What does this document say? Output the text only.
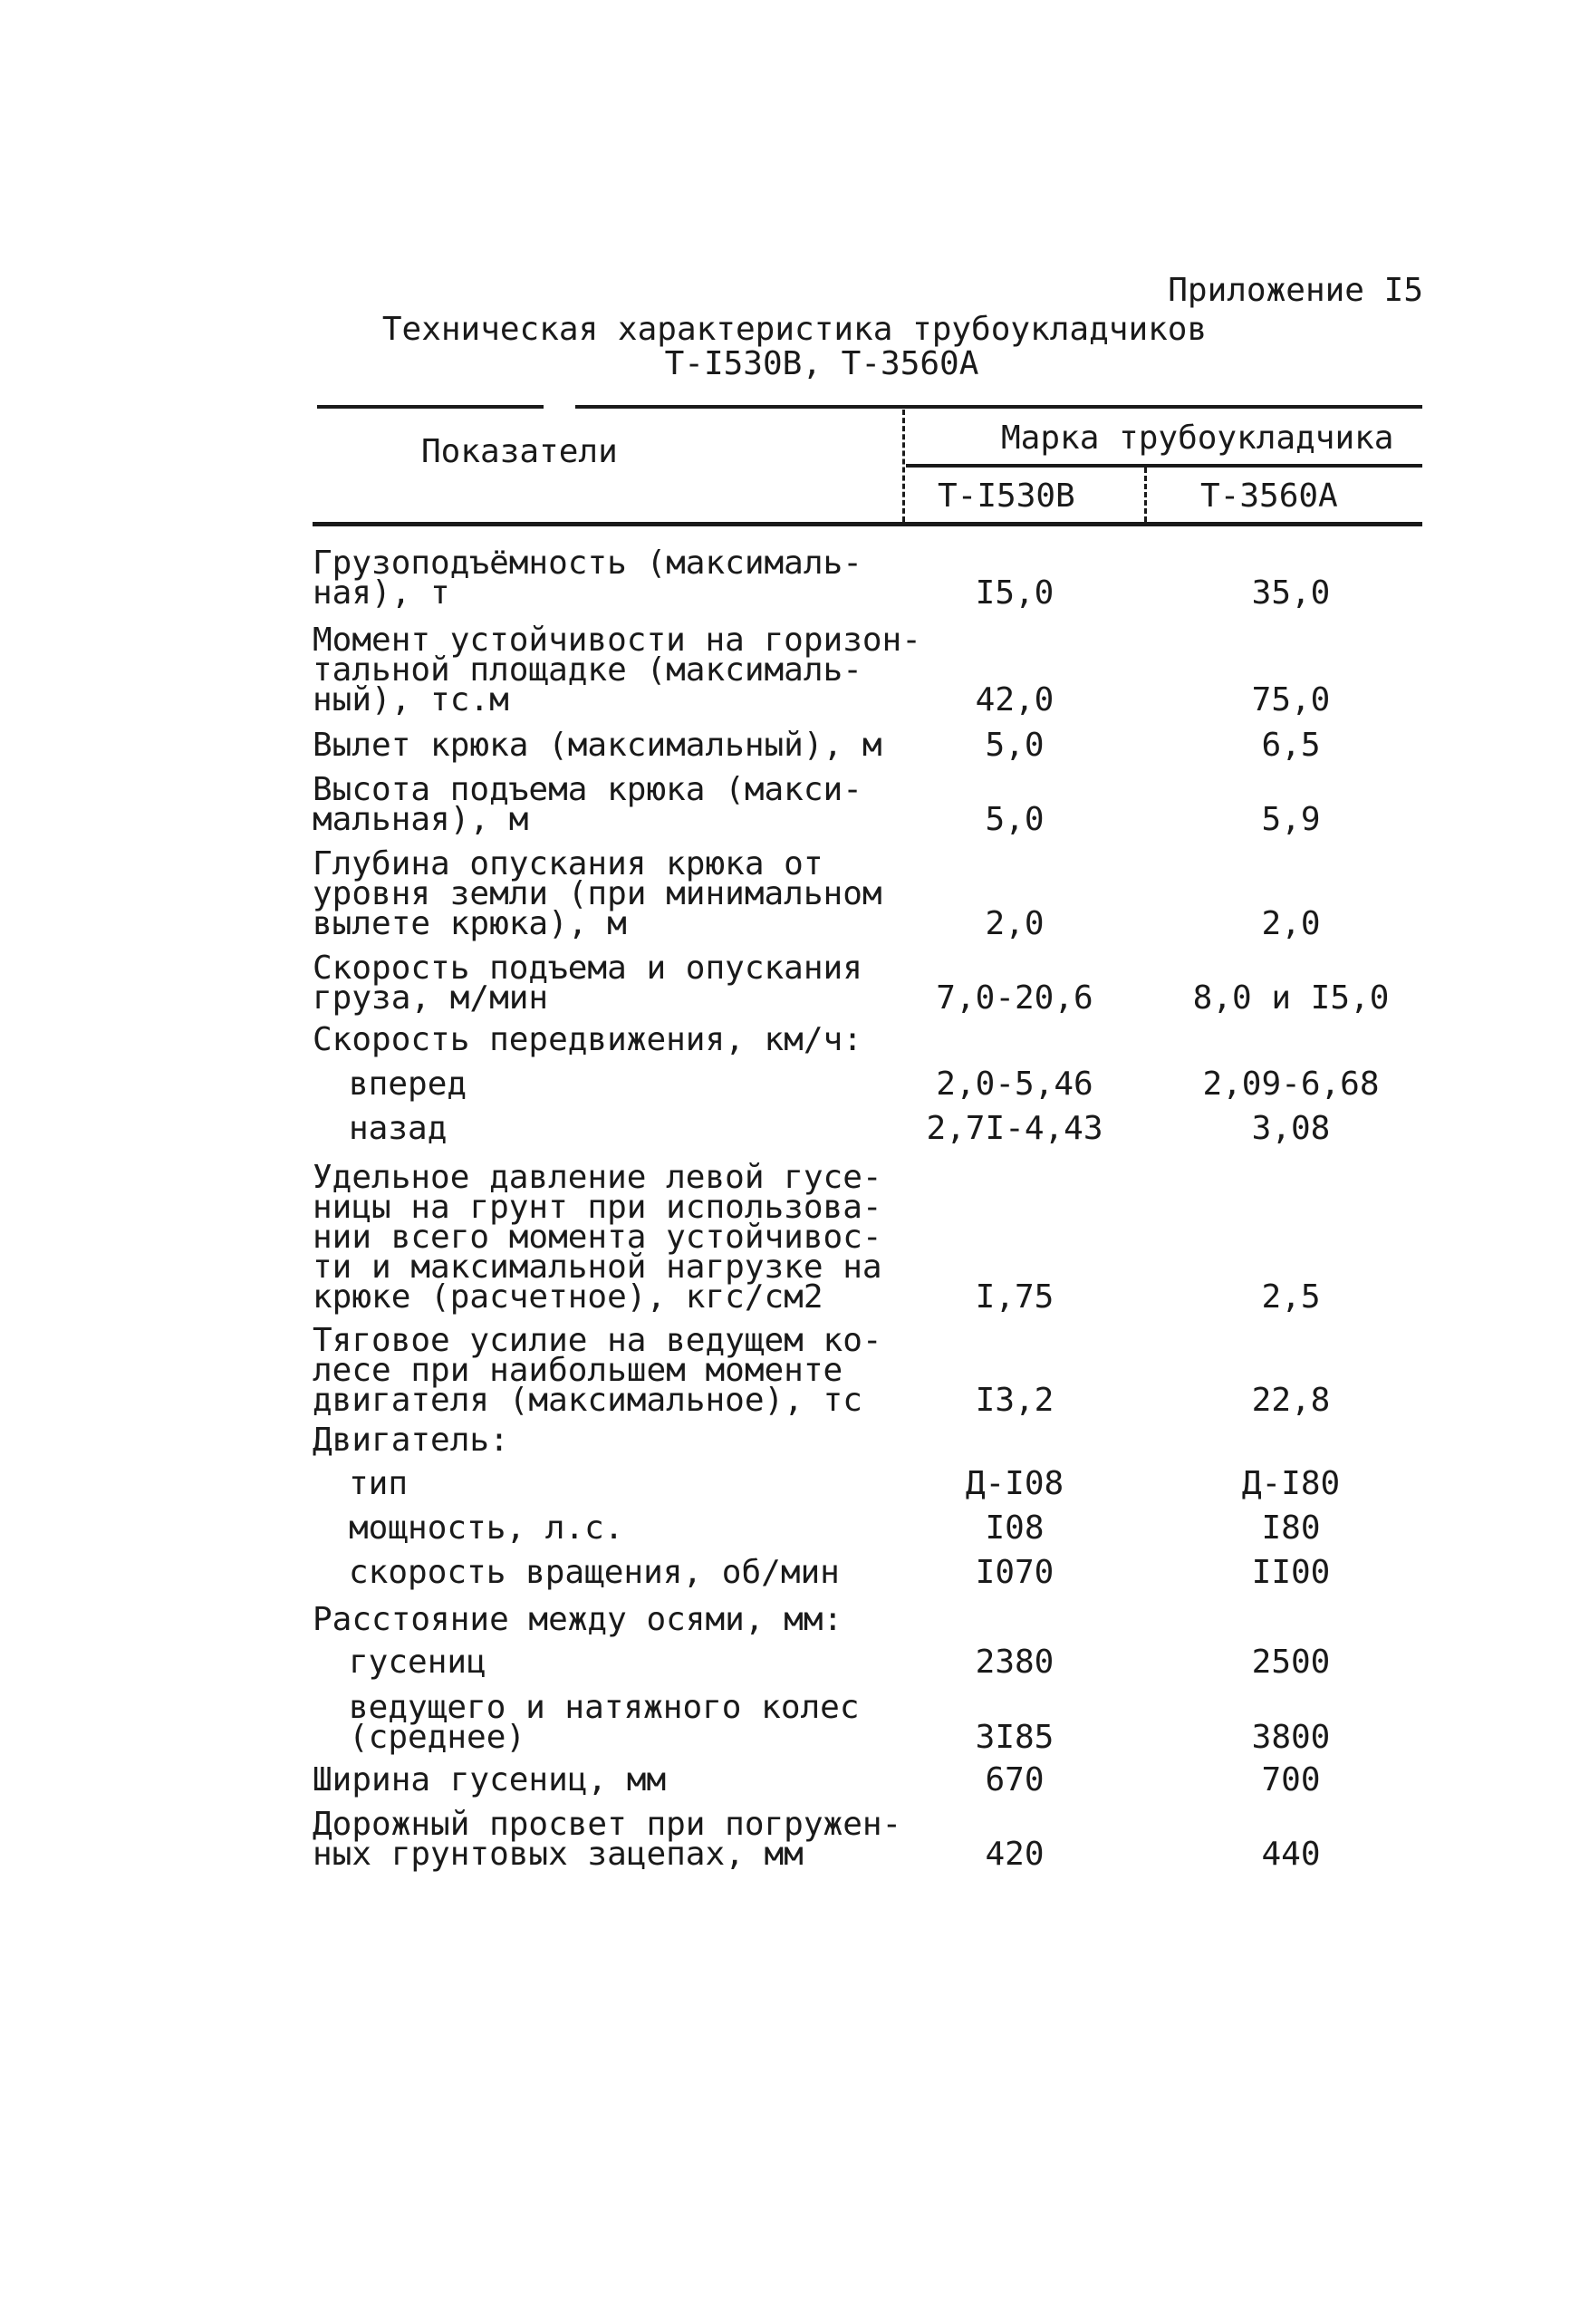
Приложение I5
Техническая характеристика трубоукладчиков
Т-I530В, Т-3560А
Показатели	Марка трубоукладчика
Т-I530В	Т-3560А
Грузоподъёмность (максималь-
ная), т	I5,0	35,0
Момент устойчивости на горизон-
тальной площадке (максималь-
ный), тс.м	42,0	75,0
Вылет крюка (максимальный), м	5,0	6,5
Высота подъема крюка (макси-
мальная), м	5,0	5,9
Глубина опускания крюка от
уровня земли (при минимальном
вылете крюка), м	2,0	2,0
Скорость подъема и опускания
груза, м/мин	7,0-20,6	8,0 и I5,0
Скорость передвижения, км/ч:
вперед	2,0-5,46	2,09-6,68
назад	2,7I-4,43	3,08
Удельное давление левой гусе-
ницы на грунт при использова-
нии всего момента устойчивос-
ти и максимальной нагрузке на
крюке (расчетное), кгс/см2	I,75	2,5
Тяговое усилие на ведущем ко-
лесе при наибольшем моменте
двигателя (максимальное), тс	I3,2	22,8
Двигатель:
тип	Д-I08	Д-I80
мощность, л.с.	I08	I80
скорость вращения, об/мин	I070	II00
Расстояние между осями, мм:
гусениц	2380	2500
ведущего и натяжного колес
(среднее)	3I85	3800
Ширина гусениц, мм	670	700
Дорожный просвет при погружен-
ных грунтовых зацепах, мм	420	440
